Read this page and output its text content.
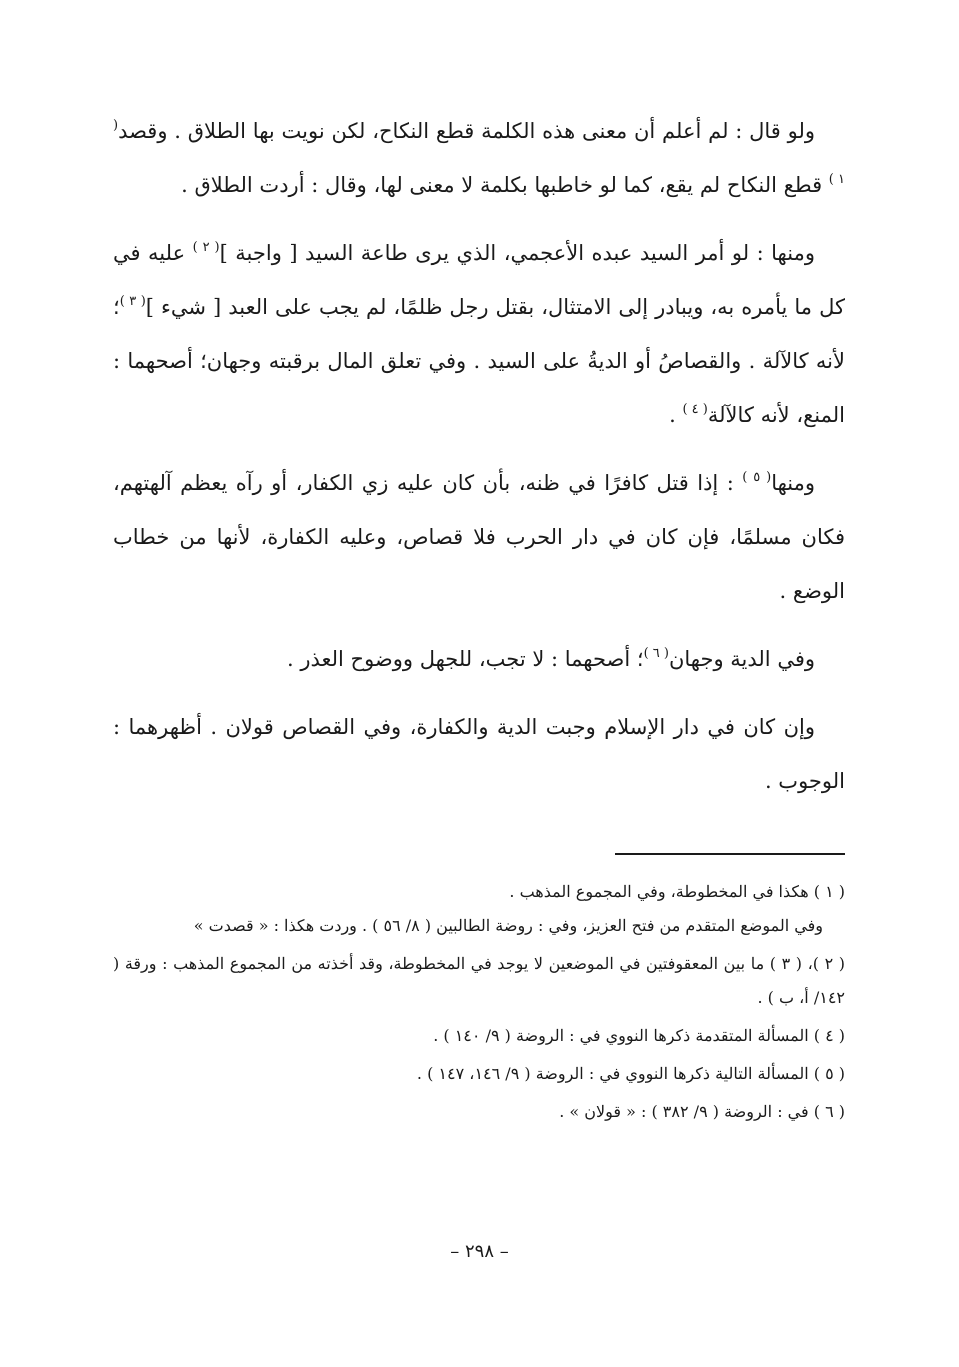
ولو قال : لم أعلم أن معنى هذه الكلمة قطع النكاح، لكن نويت بها الطلاق . وقصد$^{( ١ )}$ قطع النكاح لم يقع، كما لو خاطبها بكلمة لا معنى لها، وقال : أردت الطلاق .

ومنها : لو أمر السيد عبده الأعجمي، الذي يرى طاعة السيد [ واجبة ]$^{( ٢ )}$ عليه في كل ما يأمره به، ويبادر إلى الامتثال، بقتل رجل ظلمًا، لم يجب على العبد [ شيء ]$^{( ٣ )}$؛ لأنه كالآلة . والقصاصُ أو الديةُ على السيد . وفي تعلق المال برقبته وجهان؛ أصحهما : المنع، لأنه كالآلة$^{( ٤ )}$ .

ومنها$^{( ٥ )}$ : إذا قتل كافرًا في ظنه، بأن كان عليه زي الكفار، أو رآه يعظم آلهتهم، فكان مسلمًا، فإن كان في دار الحرب فلا قصاص، وعليه الكفارة، لأنها من خطاب الوضع .

وفي الدية وجهان$^{( ٦ )}$؛ أصحهما : لا تجب، للجهل ووضوح العذر .

وإن كان في دار الإسلام وجبت الدية والكفارة، وفي القصاص قولان . أظهرهما : الوجوب .

( ١ ) هكذا في المخطوطة، وفي المجموع المذهب .
وفي الموضع المتقدم من فتح العزيز، وفي : روضة الطالبين ( ٨/ ٥٦ ) . وردت هكذا : « قصدت »
( ٢ )، ( ٣ ) ما بين المعقوفتين في الموضعين لا يوجد في المخطوطة، وقد أخذته من المجموع المذهب : ورقة ( ١٤٢/ أ، ب ) .
( ٤ ) المسألة المتقدمة ذكرها النووي في : الروضة ( ٩/ ١٤٠ ) .
( ٥ ) المسألة التالية ذكرها النووي في : الروضة ( ٩/ ١٤٦، ١٤٧ ) .
( ٦ ) في : الروضة ( ٩/ ٣٨٢ ) : « قولان » .
– ٢٩٨ –
